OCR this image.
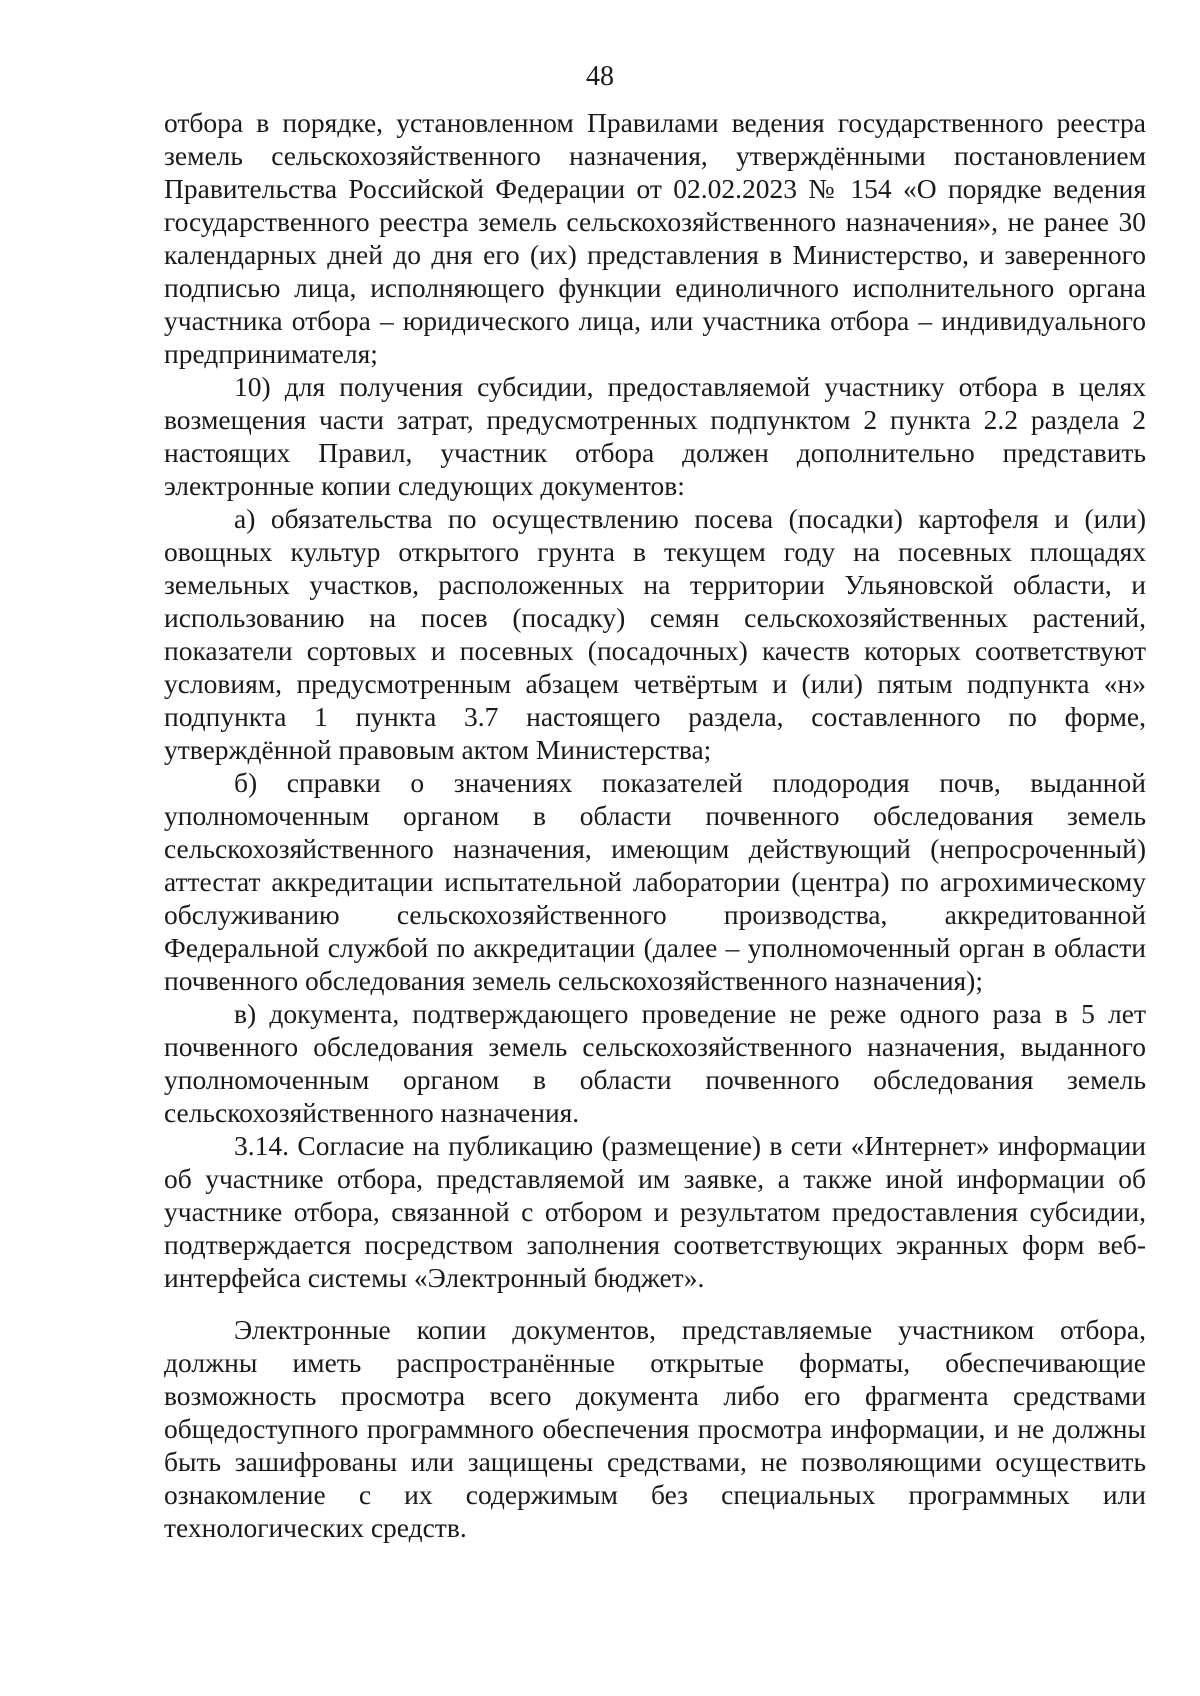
48

отбора в порядке, установленном Правилами ведения государственного реестра земель сельскохозяйственного назначения, утверждёнными постановлением Правительства Российской Федерации от 02.02.2023 № 154 «О порядке ведения государственного реестра земель сельскохозяйственного назначения», не ранее 30 календарных дней до дня его (их) представления в Министерство, и заверенного подписью лица, исполняющего функции единоличного исполнительного органа участника отбора – юридического лица, или участника отбора – индивидуального предпринимателя;

10) для получения субсидии, предоставляемой участнику отбора в целях возмещения части затрат, предусмотренных подпунктом 2 пункта 2.2 раздела 2 настоящих Правил, участник отбора должен дополнительно представить электронные копии следующих документов:

а) обязательства по осуществлению посева (посадки) картофеля и (или) овощных культур открытого грунта в текущем году на посевных площадях земельных участков, расположенных на территории Ульяновской области, и использованию на посев (посадку) семян сельскохозяйственных растений, показатели сортовых и посевных (посадочных) качеств которых соответствуют условиям, предусмотренным абзацем четвёртым и (или) пятым подпункта «н» подпункта 1 пункта 3.7 настоящего раздела, составленного по форме, утверждённой правовым актом Министерства;

б) справки о значениях показателей плодородия почв, выданной уполномоченным органом в области почвенного обследования земель сельскохозяйственного назначения, имеющим действующий (непросроченный) аттестат аккредитации испытательной лаборатории (центра) по агрохимическому обслуживанию сельскохозяйственного производства, аккредитованной Федеральной службой по аккредитации (далее – уполномоченный орган в области почвенного обследования земель сельскохозяйственного назначения);

в) документа, подтверждающего проведение не реже одного раза в 5 лет почвенного обследования земель сельскохозяйственного назначения, выданного уполномоченным органом в области почвенного обследования земель сельскохозяйственного назначения.

3.14. Согласие на публикацию (размещение) в сети «Интернет» информации об участнике отбора, представляемой им заявке, а также иной информации об участнике отбора, связанной с отбором и результатом предоставления субсидии, подтверждается посредством заполнения соответствующих экранных форм веб-интерфейса системы «Электронный бюджет».

Электронные копии документов, представляемые участником отбора, должны иметь распространённые открытые форматы, обеспечивающие возможность просмотра всего документа либо его фрагмента средствами общедоступного программного обеспечения просмотра информации, и не должны быть зашифрованы или защищены средствами, не позволяющими осуществить ознакомление с их содержимым без специальных программных или технологических средств.
